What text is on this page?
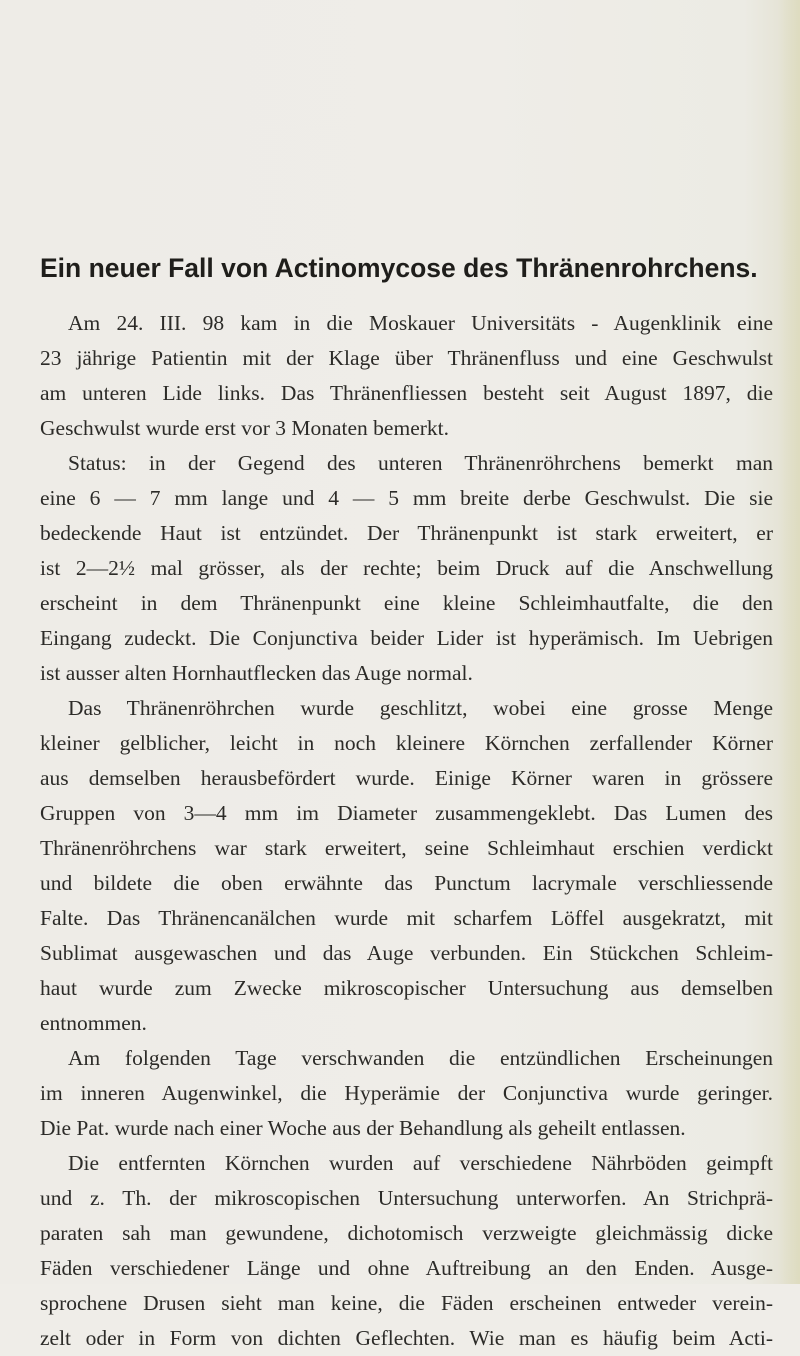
Ein neuer Fall von Actinomycose des Thränenrohrchens.
Am 24. III. 98 kam in die Moskauer Universitäts - Augenklinik eine
23 jährige Patientin mit der Klage über Thränenfluss und eine Geschwulst
am unteren Lide links. Das Thränenfliessen besteht seit August 1897, die
Geschwulst wurde erst vor 3 Monaten bemerkt.
Status: in der Gegend des unteren Thränenröhrchens bemerkt man
eine 6 — 7 mm lange und 4 — 5 mm breite derbe Geschwulst. Die sie
bedeckende Haut ist entzündet. Der Thränenpunkt ist stark erweitert, er
ist 2—2½ mal grösser, als der rechte; beim Druck auf die Anschwellung
erscheint in dem Thränenpunkt eine kleine Schleimhautfalte, die den
Eingang zudeckt. Die Conjunctiva beider Lider ist hyperämisch. Im Uebrigen
ist ausser alten Hornhautflecken das Auge normal.
Das Thränenröhrchen wurde geschlitzt, wobei eine grosse Menge
kleiner gelblicher, leicht in noch kleinere Körnchen zerfallender Körner
aus demselben herausbefördert wurde. Einige Körner waren in grössere
Gruppen von 3—4 mm im Diameter zusammengeklebt. Das Lumen des
Thränenröhrchens war stark erweitert, seine Schleimhaut erschien verdickt
und bildete die oben erwähnte das Punctum lacrymale verschliessende
Falte. Das Thränencanälchen wurde mit scharfem Löffel ausgekratzt, mit
Sublimat ausgewaschen und das Auge verbunden. Ein Stückchen Schleim-
haut wurde zum Zwecke mikroscopischer Untersuchung aus demselben
entnommen.
Am folgenden Tage verschwanden die entzündlichen Erscheinungen
im inneren Augenwinkel, die Hyperämie der Conjunctiva wurde geringer.
Die Pat. wurde nach einer Woche aus der Behandlung als geheilt entlassen.
Die entfernten Körnchen wurden auf verschiedene Nährböden geimpft
und z. Th. der mikroscopischen Untersuchung unterworfen. An Strichprä-
paraten sah man gewundene, dichotomisch verzweigte gleichmässig dicke
Fäden verschiedener Länge und ohne Auftreibung an den Enden. Ausge-
sprochene Drusen sieht man keine, die Fäden erscheinen entweder verein-
zelt oder in Form von dichten Geflechten. Wie man es häufig beim Acti-
